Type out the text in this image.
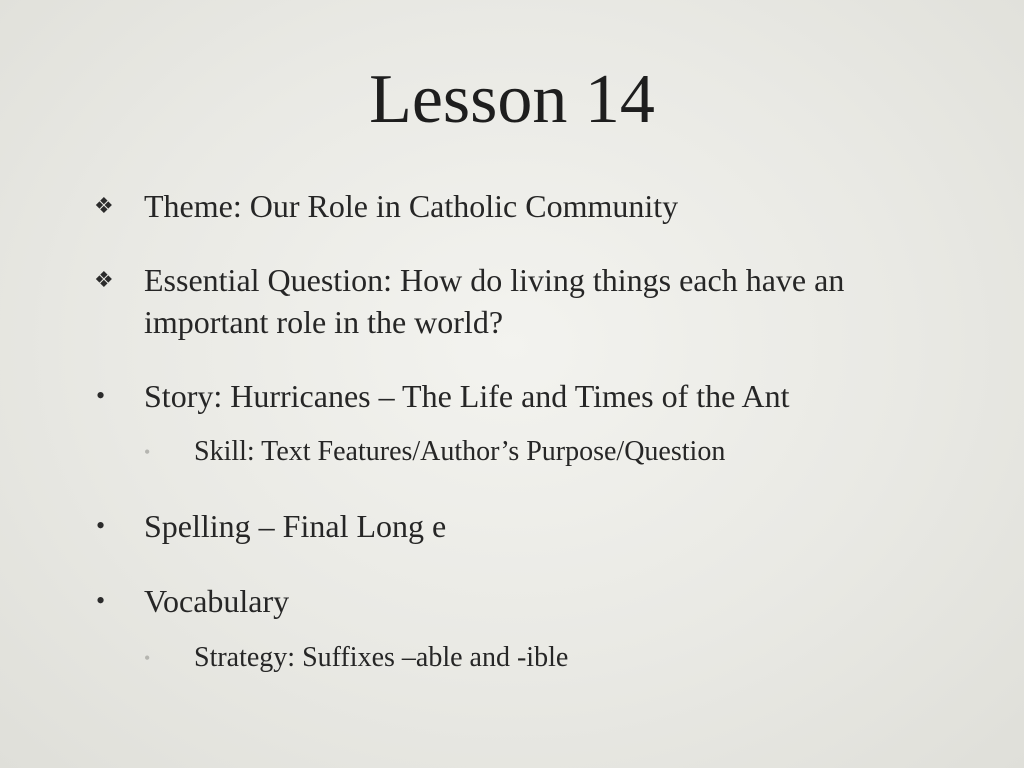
Lesson 14
❖ Theme: Our Role in Catholic Community
❖ Essential Question: How do living things each have an important role in the world?
•	Story: Hurricanes – The Life and Times of the Ant
•	Skill: Text Features/Author’s Purpose/Question
•	Spelling – Final Long e
•	Vocabulary
•	Strategy: Suffixes –able and -ible
